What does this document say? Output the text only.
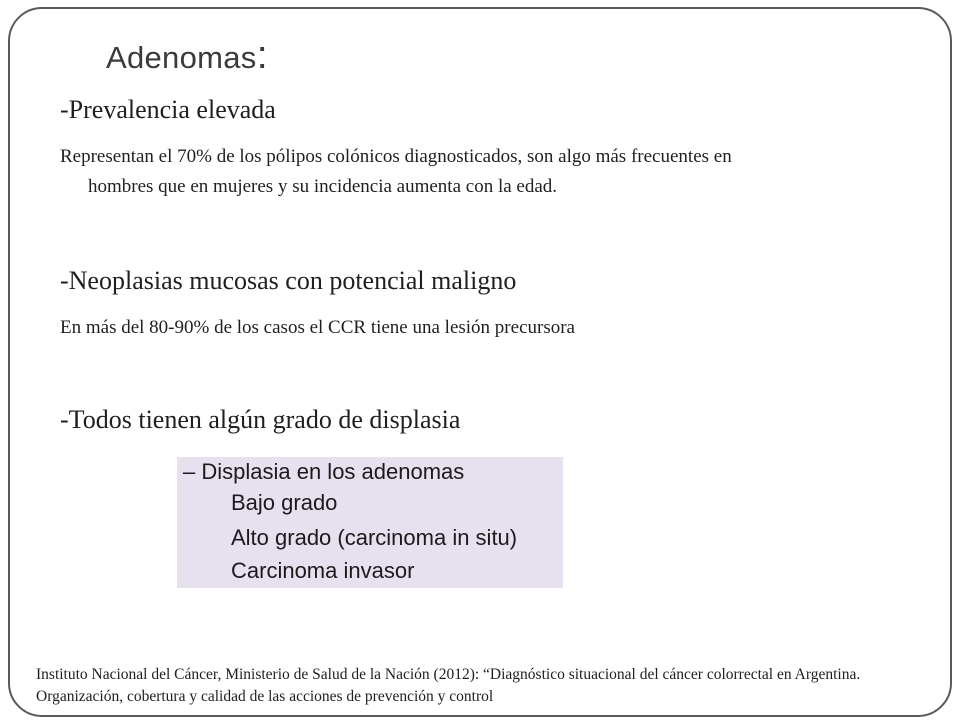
Adenomas:
-Prevalencia elevada
Representan el 70% de los pólipos colónicos diagnosticados, son algo más frecuentes en
hombres que en mujeres y su incidencia aumenta con la edad.
-Neoplasias mucosas con potencial maligno
En más del 80-90% de los casos el CCR tiene una lesión precursora
-Todos tienen algún grado de displasia
– Displasia en los adenomas
Bajo grado
Alto grado (carcinoma in situ)
Carcinoma invasor
Instituto Nacional del Cáncer, Ministerio de Salud de la Nación (2012): “Diagnóstico situacional del cáncer colorrectal en Argentina. Organización, cobertura y calidad de las acciones de prevención y control
